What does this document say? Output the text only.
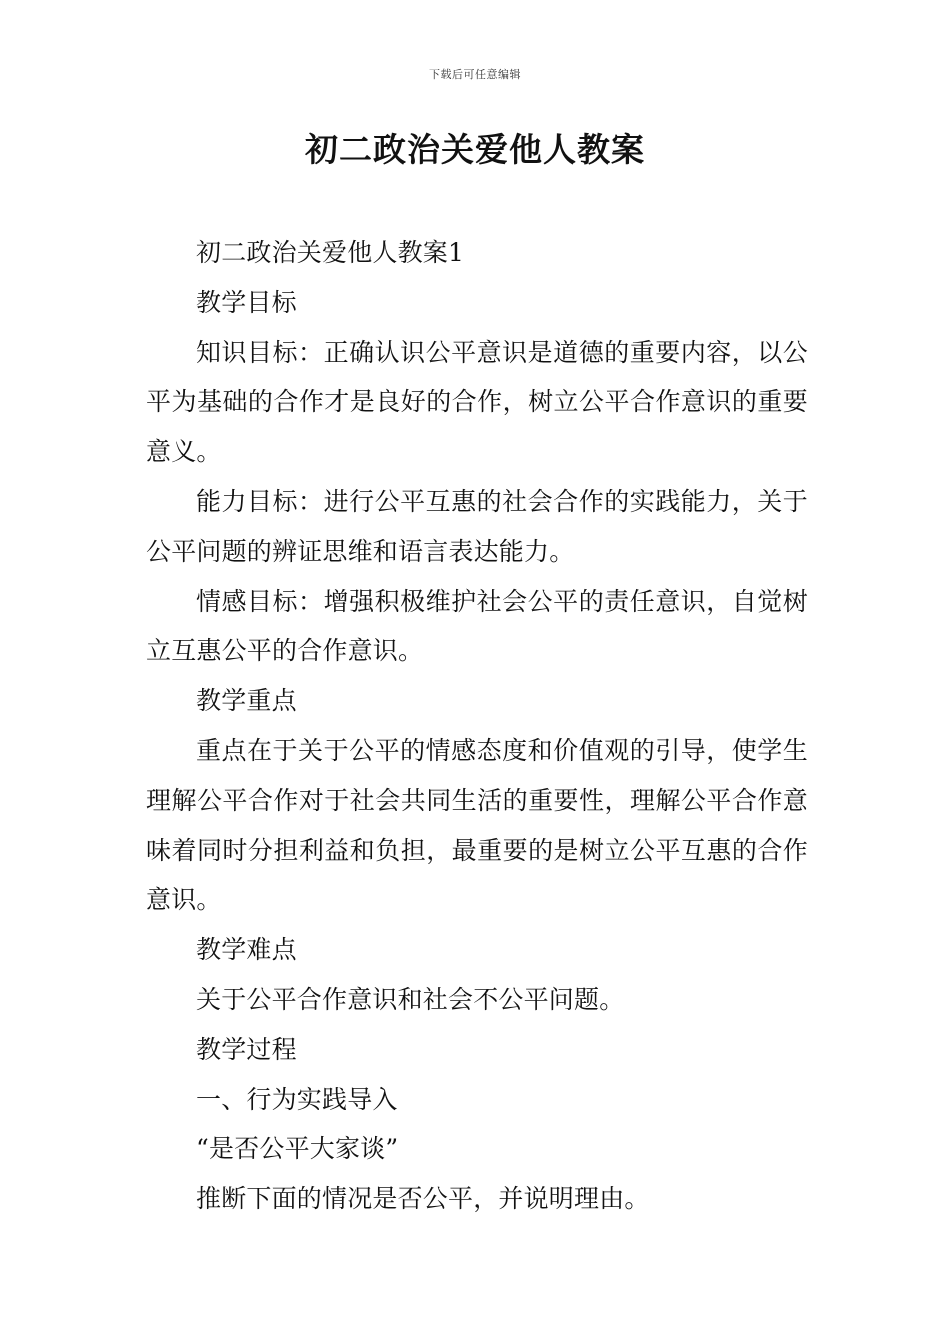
下载后可任意编辑
初二政治关爱他人教案

初二政治关爱他人教案1

教学目标

知识目标：正确认识公平意识是道德的重要内容，以公平为基础的合作才是良好的合作，树立公平合作意识的重要意义。

能力目标：进行公平互惠的社会合作的实践能力，关于公平问题的辨证思维和语言表达能力。

情感目标：增强积极维护社会公平的责任意识，自觉树立互惠公平的合作意识。

教学重点

重点在于关于公平的情感态度和价值观的引导，使学生理解公平合作对于社会共同生活的重要性，理解公平合作意味着同时分担利益和负担，最重要的是树立公平互惠的合作意识。

教学难点

关于公平合作意识和社会不公平问题。

教学过程

一、行为实践导入

“是否公平大家谈”

推断下面的情况是否公平，并说明理由。
